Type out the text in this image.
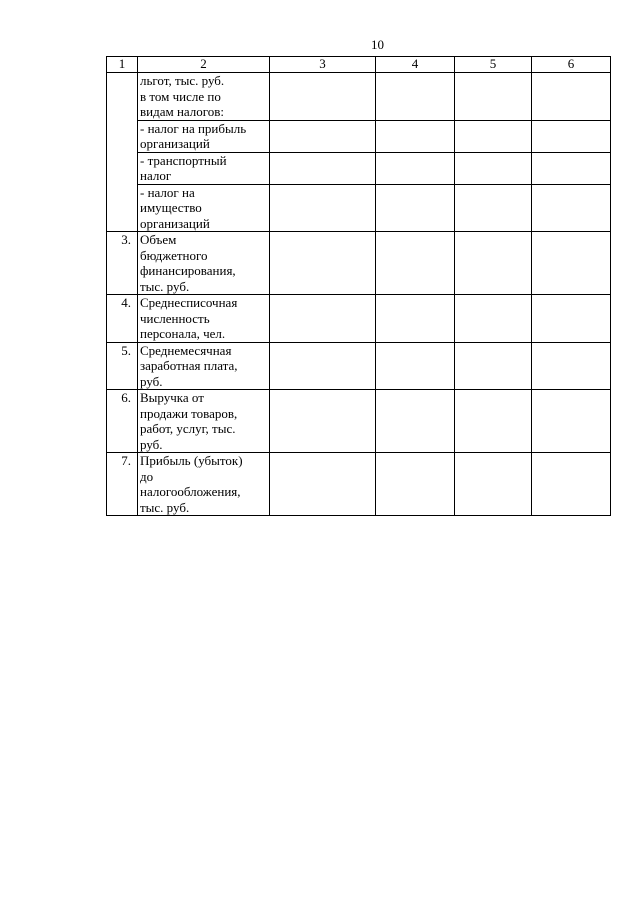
10
1	2	3	4	5	6

	льгот, тыс. руб.
в том числе по
видам налогов:				

	- налог на прибыль
организаций				

	- транспортный
налог				

	- налог на
имущество
организаций				

3.	Объем
бюджетного
финансирования,
тыс. руб.				

4.	Среднесписочная
численность
персонала, чел.				

5.	Среднемесячная
заработная плата,
руб.				

6.	Выручка от
продажи товаров,
работ, услуг, тыс.
руб.				

7.	Прибыль (убыток)
до
налогообложения,
тыс. руб.				
